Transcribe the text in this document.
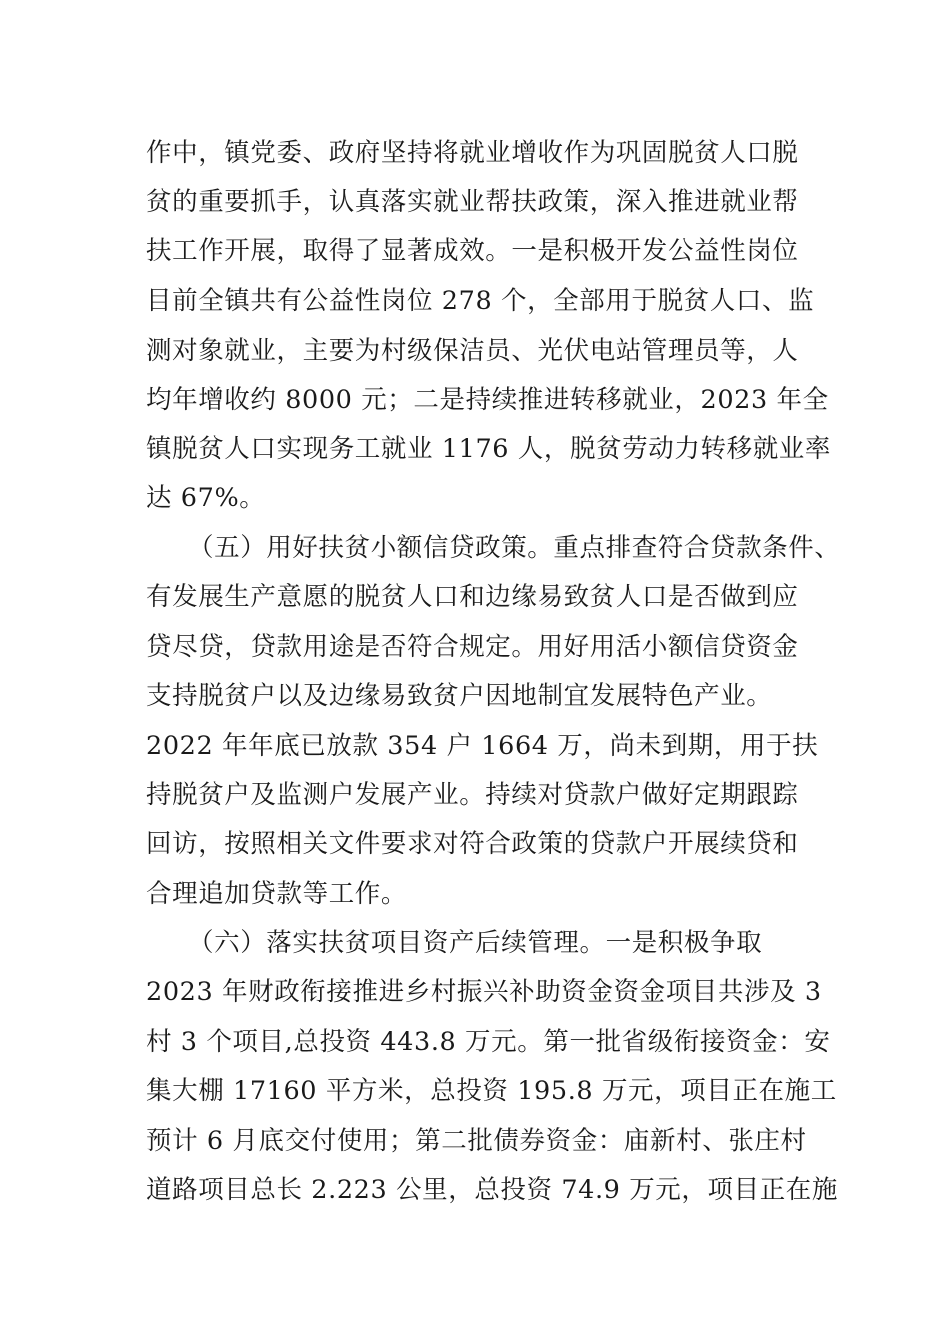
作中，镇党委、政府坚持将就业增收作为巩固脱贫人口脱
贫的重要抓手，认真落实就业帮扶政策，深入推进就业帮
扶工作开展，取得了显著成效。一是积极开发公益性岗位
目前全镇共有公益性岗位 278 个，全部用于脱贫人口、监
测对象就业，主要为村级保洁员、光伏电站管理员等，人
均年增收约 8000 元；二是持续推进转移就业，2023 年全
镇脱贫人口实现务工就业 1176 人，脱贫劳动力转移就业率
达 67%。
（五）用好扶贫小额信贷政策。重点排查符合贷款条件、
有发展生产意愿的脱贫人口和边缘易致贫人口是否做到应
贷尽贷，贷款用途是否符合规定。用好用活小额信贷资金
支持脱贫户以及边缘易致贫户因地制宜发展特色产业。
2022 年年底已放款 354 户 1664 万，尚未到期，用于扶
持脱贫户及监测户发展产业。持续对贷款户做好定期跟踪
回访，按照相关文件要求对符合政策的贷款户开展续贷和
合理追加贷款等工作。
（六）落实扶贫项目资产后续管理。一是积极争取
2023 年财政衔接推进乡村振兴补助资金资金项目共涉及 3
村 3 个项目,总投资 443.8 万元。第一批省级衔接资金：安
集大棚 17160 平方米，总投资 195.8 万元，项目正在施工
预计 6 月底交付使用；第二批债券资金：庙新村、张庄村
道路项目总长 2.223 公里，总投资 74.9 万元，项目正在施
